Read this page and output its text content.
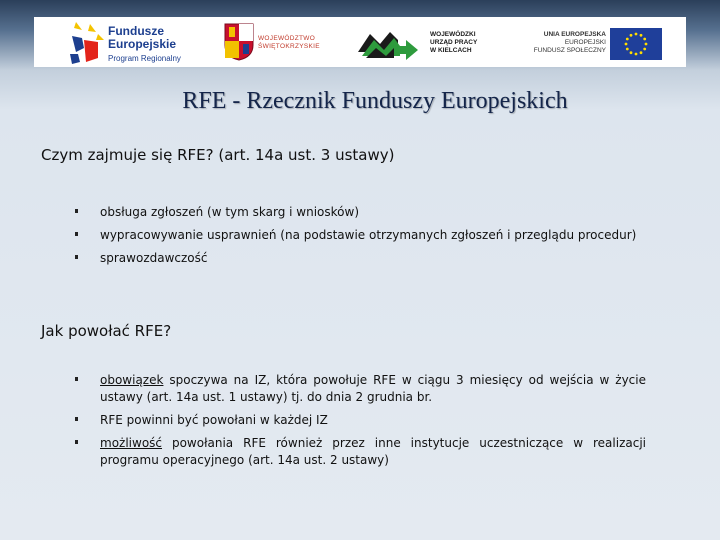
Fundusze
Europejskie
Program Regionalny
WOJEWÓDZTWO
ŚWIĘTOKRZYSKIE
WOJEWÓDZKI
URZĄD PRACY
W KIELCACH
UNIA EUROPEJSKA
EUROPEJSKI
FUNDUSZ SPOŁECZNY
RFE - Rzecznik Funduszy Europejskich
Czym zajmuje się RFE? (art. 14a ust. 3 ustawy)
obsługa zgłoszeń (w tym skarg i wniosków)
wypracowywanie usprawnień (na podstawie otrzymanych zgłoszeń i przeglądu procedur)
sprawozdawczość
Jak powołać RFE?
obowiązek spoczywa na IZ, która powołuje RFE w ciągu 3 miesięcy od wejścia w życie ustawy (art. 14a ust. 1 ustawy) tj. do dnia 2 grudnia br.
RFE powinni być powołani w każdej IZ
możliwość powołania RFE również przez inne instytucje uczestniczące w realizacji programu operacyjnego (art. 14a ust. 2 ustawy)
